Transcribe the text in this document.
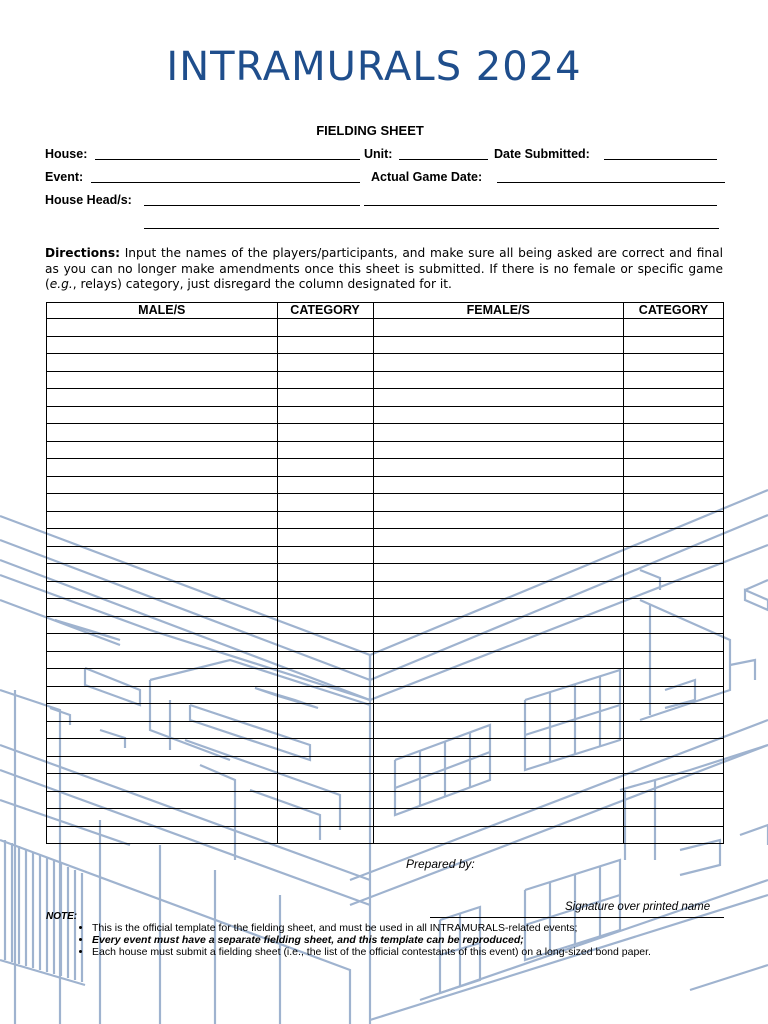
INTRAMURALS 2024
FIELDING SHEET
House:	Unit:	Date Submitted:
Event:	Actual Game Date:
House Head/s:
Directions: Input the names of the players/participants, and make sure all being asked are correct and final as you can no longer make amendments once this sheet is submitted. If there is no female or specific game (e.g., relays) category, just disregard the column designated for it.
MALE/S	CATEGORY	FEMALE/S	CATEGORY

Prepared by:
Signature over printed name
NOTE:
• This is the official template for the fielding sheet, and must be used in all INTRAMURALS-related events;
• Every event must have a separate fielding sheet, and this template can be reproduced;
• Each house must submit a fielding sheet (i.e., the list of the official contestants of this event) on a long-sized bond paper.
